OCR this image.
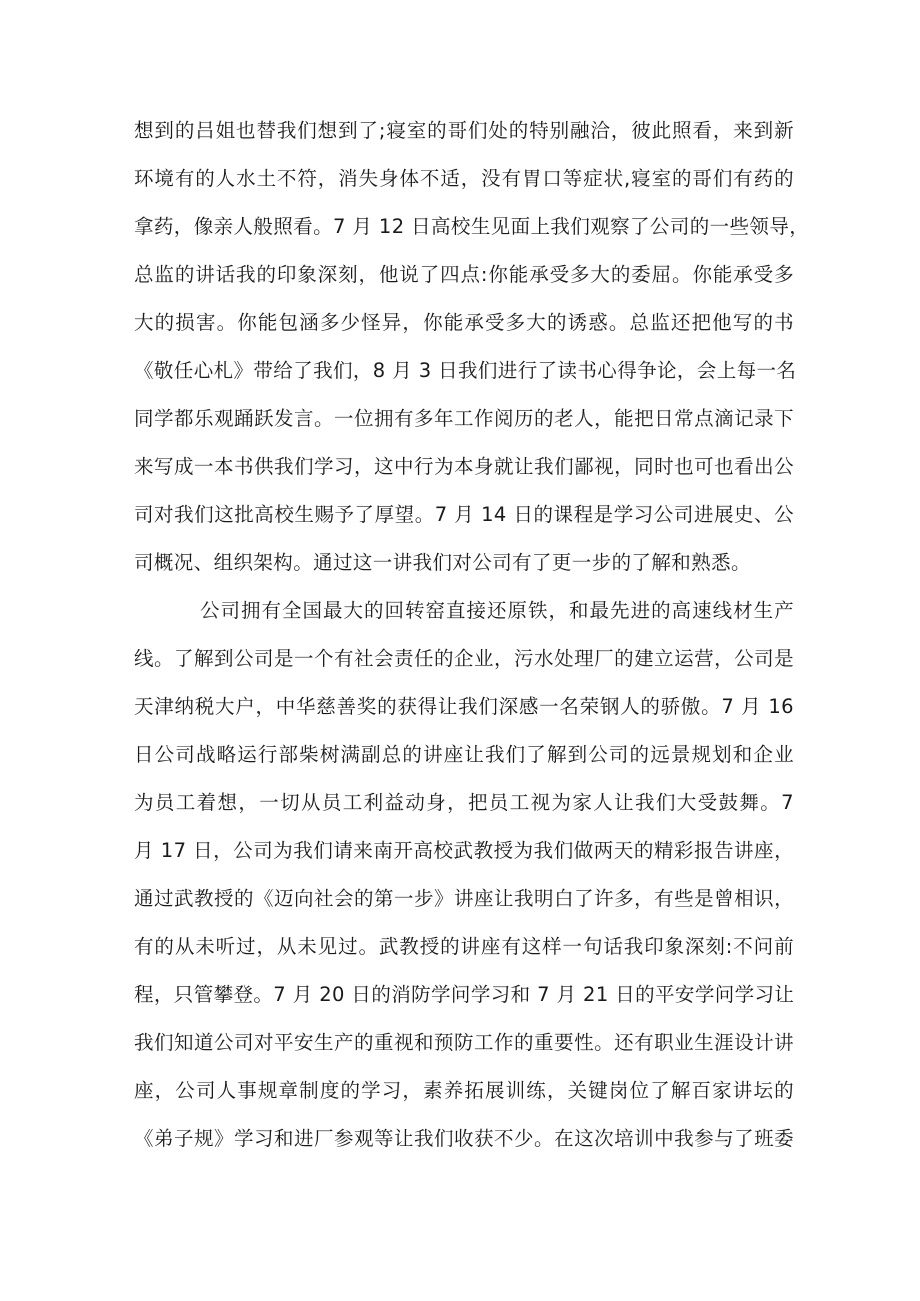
想到的吕姐也替我们想到了;寝室的哥们处的特别融洽，彼此照看，来到新
环境有的人水土不符，消失身体不适，没有胃口等症状,寝室的哥们有药的
拿药，像亲人般照看。7 月 12 日高校生见面上我们观察了公司的一些领导，
总监的讲话我的印象深刻，他说了四点:你能承受多大的委屈。你能承受多
大的损害。你能包涵多少怪异，你能承受多大的诱惑。总监还把他写的书
《敬任心札》带给了我们，8 月 3 日我们进行了读书心得争论，会上每一名
同学都乐观踊跃发言。一位拥有多年工作阅历的老人，能把日常点滴记录下
来写成一本书供我们学习，这中行为本身就让我们鄙视，同时也可也看出公
司对我们这批高校生赐予了厚望。7 月 14 日的课程是学习公司进展史、公
司概况、组织架构。通过这一讲我们对公司有了更一步的了解和熟悉。
公司拥有全国最大的回转窑直接还原铁，和最先进的高速线材生产
线。了解到公司是一个有社会责任的企业，污水处理厂的建立运营，公司是
天津纳税大户，中华慈善奖的获得让我们深感一名荣钢人的骄傲。7 月 16
日公司战略运行部柴树满副总的讲座让我们了解到公司的远景规划和企业
为员工着想，一切从员工利益动身，把员工视为家人让我们大受鼓舞。7
月 17 日，公司为我们请来南开高校武教授为我们做两天的精彩报告讲座，
通过武教授的《迈向社会的第一步》讲座让我明白了许多，有些是曾相识，
有的从未听过，从未见过。武教授的讲座有这样一句话我印象深刻:不问前
程，只管攀登。7 月 20 日的消防学问学习和 7 月 21 日的平安学问学习让
我们知道公司对平安生产的重视和预防工作的重要性。还有职业生涯设计讲
座，公司人事规章制度的学习，素养拓展训练，关键岗位了解百家讲坛的
《弟子规》学习和进厂参观等让我们收获不少。在这次培训中我参与了班委
